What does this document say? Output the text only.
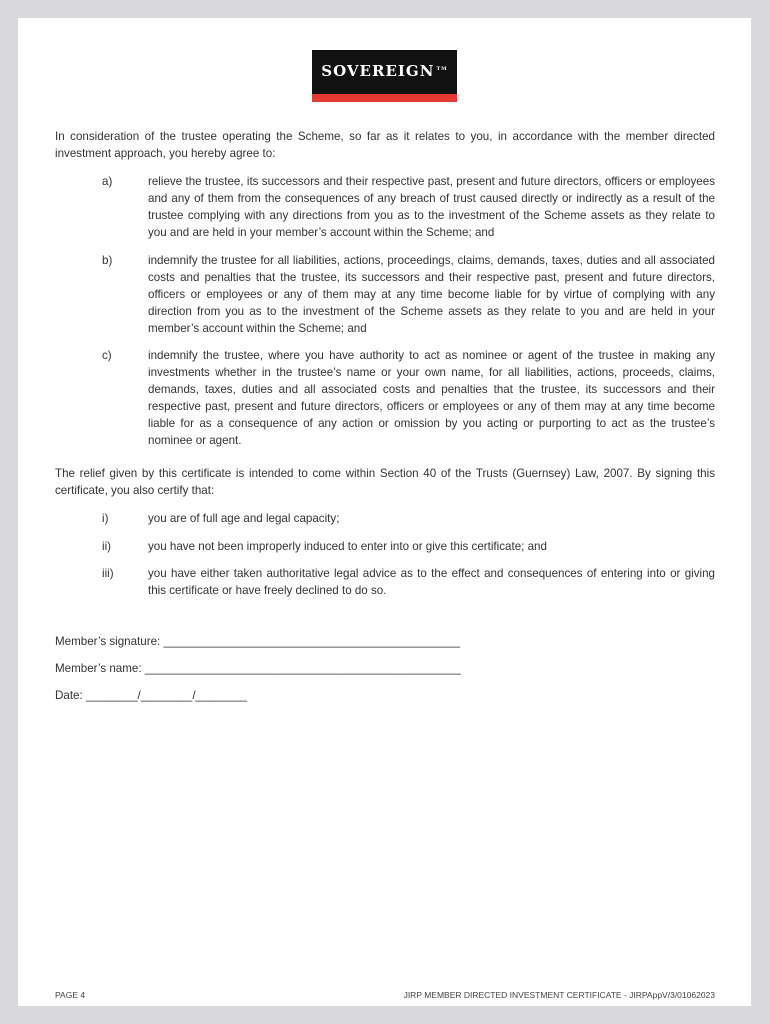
SOVEREIGN ™
In consideration of the trustee operating the Scheme, so far as it relates to you, in accordance with the member directed investment approach, you hereby agree to:
a)	relieve the trustee, its successors and their respective past, present and future directors, officers or employees and any of them from the consequences of any breach of trust caused directly or indirectly as a result of the trustee complying with any directions from you as to the investment of the Scheme assets as they relate to you and are held in your member’s account within the Scheme; and
b)	indemnify the trustee for all liabilities, actions, proceedings, claims, demands, taxes, duties and all associated costs and penalties that the trustee, its successors and their respective past, present and future directors, officers or employees or any of them may at any time become liable for by virtue of complying with any direction from you as to the investment of the Scheme assets as they relate to you and are held in your member’s account within the Scheme; and
c)	indemnify the trustee, where you have authority to act as nominee or agent of the trustee in making any investments whether in the trustee’s name or your own name, for all liabilities, actions, proceeds, claims, demands, taxes, duties and all associated costs and penalties that the trustee, its successors and their respective past, present and future directors, officers or employees or any of them may at any time become liable for as a consequence of any action or omission by you acting or purporting to act as the trustee’s nominee or agent.
The relief given by this certificate is intended to come within Section 40 of the Trusts (Guernsey) Law, 2007. By signing this certificate, you also certify that:
i)	you are of full age and legal capacity;
ii)	you have not been improperly induced to enter into or give this certificate; and
iii)	you have either taken authoritative legal advice as to the effect and consequences of entering into or giving this certificate or have freely declined to do so.
Member’s signature: ______________________________________________
Member’s name: _________________________________________________
Date: ________/________/________
PAGE 4	JIRP MEMBER DIRECTED INVESTMENT CERTIFICATE - JIRPAppV/3/01062023
